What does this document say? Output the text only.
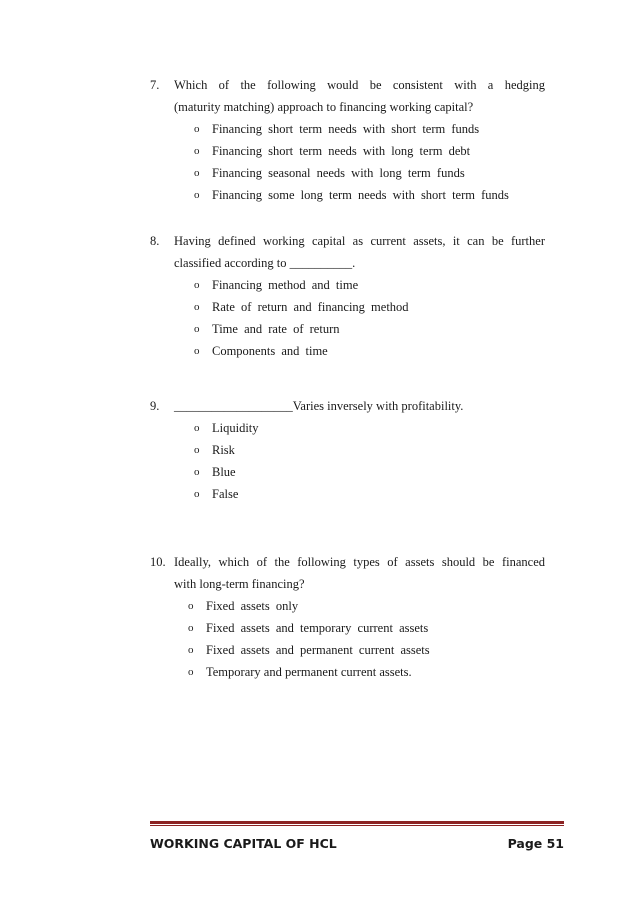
7.	Which of the following would be consistent with a hedging
(maturity matching) approach to financing working capital?
o Financing short term needs with short term funds
o Financing short term needs with long term debt
o Financing seasonal needs with long term funds
o Financing some long term needs with short term funds
8.	Having defined working capital as current assets, it can be further
classified according to __________.
o Financing method and time
o Rate of return and financing method
o Time and rate of return
o Components and time
9.	___________________Varies inversely with profitability.
o Liquidity
o Risk
o Blue
o False
10. Ideally, which of the following types of assets should be financed
with long-term financing?
o Fixed assets only
o Fixed assets and temporary current assets
o Fixed assets and permanent current assets
o Temporary and permanent current assets.
WORKING CAPITAL OF HCL	Page 51
